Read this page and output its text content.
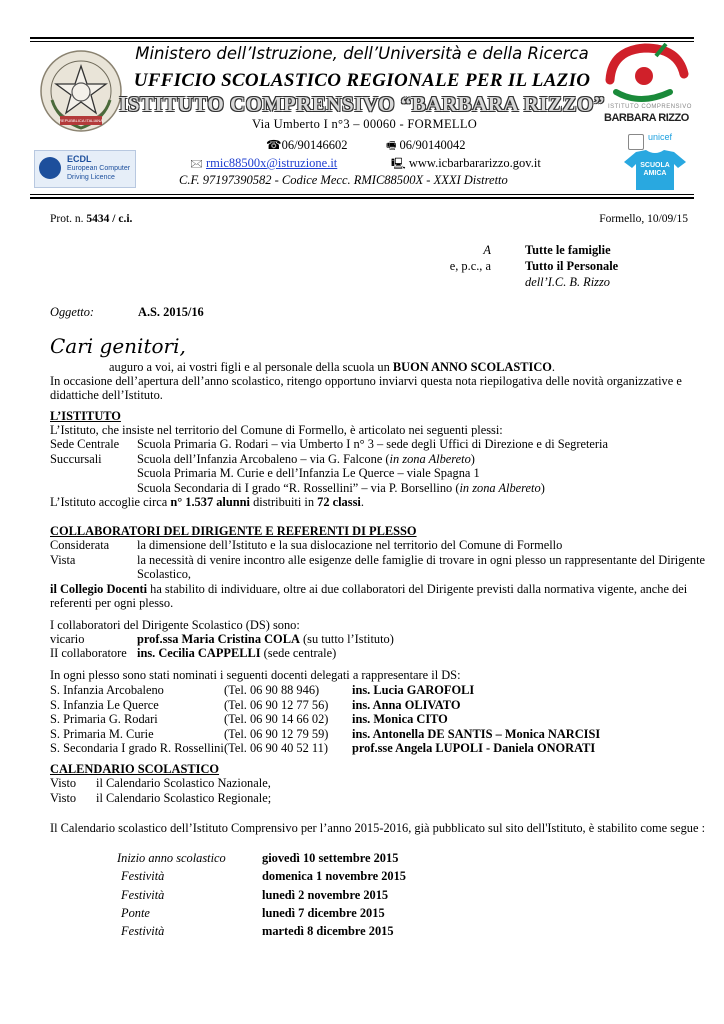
REPUBBLICA ITALIANA
Ministero dell’Istruzione, dell’Università e della Ricerca
UFFICIO SCOLASTICO REGIONALE PER IL LAZIO
ISTITUTO COMPRENSIVO “BARBARA RIZZO”
Via Umberto I n°3 – 00060 - FORMELLO
☎06/90146602	🖷 06/90140042
🖂 rmic88500x@istruzione.it	🖳 www.icbarbararizzo.gov.it
C.F. 97197390582 - Codice Mecc. RMIC88500X - XXXI Distretto
ECDL
European Computer
Driving Licence
ISTITUTO COMPRENSIVO
BARBARA RIZZO
unicef
SCUOLA AMICA
Prot. n. 5434 / c.i.	Formello, 10/09/15
A	Tutte le famiglie
e, p.c., a	Tutto il Personale
dell’I.C. B. Rizzo
Oggetto:	A.S. 2015/16
Cari genitori,
auguro a voi, ai vostri figli e al personale della scuola un BUON ANNO SCOLASTICO.
In occasione dell’apertura dell’anno scolastico, ritengo opportuno inviarvi questa nota riepilogativa delle novità organizzative e
didattiche dell’Istituto.
L’ISTITUTO
L’Istituto, che insiste nel territorio del Comune di Formello, è articolato nei seguenti plessi:
Sede Centrale Scuola Primaria G. Rodari – via Umberto I n° 3 – sede degli Uffici di Direzione e di Segreteria
Succursali	Scuola dell’Infanzia Arcobaleno – via G. Falcone (in zona Albereto)
Scuola Primaria M. Curie e dell’Infanzia Le Querce – viale Spagna 1
Scuola Secondaria di I grado “R. Rossellini” – via P. Borsellino (in zona Albereto)
L’Istituto accoglie circa n° 1.537 alunni distribuiti in 72 classi.
COLLABORATORI DEL DIRIGENTE E REFERENTI DI PLESSO
Considerata la dimensione dell’Istituto e la sua dislocazione nel territorio del Comune di Formello
Vista	la necessità di venire incontro alle esigenze delle famiglie di trovare in ogni plesso un rappresentante del Dirigente
Scolastico,
il Collegio Docenti ha stabilito di individuare, oltre ai due collaboratori del Dirigente previsti dalla normativa vigente, anche dei
referenti per ogni plesso.
I collaboratori del Dirigente Scolastico (DS) sono:
vicario	prof.ssa Maria Cristina COLA (su tutto l’Istituto)
II collaboratore ins. Cecilia CAPPELLI (sede centrale)
In ogni plesso sono stati nominati i seguenti docenti delegati a rappresentare il DS:
S. Infanzia Arcobaleno	(Tel. 06 90 88 946)	ins. Lucia GAROFOLI
S. Infanzia Le Querce	(Tel. 06 90 12 77 56) ins. Anna OLIVATO
S. Primaria G. Rodari	(Tel. 06 90 14 66 02) ins. Monica CITO
S. Primaria M. Curie	(Tel. 06 90 12 79 59) ins. Antonella DE SANTIS – Monica NARCISI
S. Secondaria I grado R. Rossellini (Tel. 06 90 40 52 11) prof.sse Angela LUPOLI - Daniela ONORATI
CALENDARIO SCOLASTICO
Visto il Calendario Scolastico Nazionale,
Visto il Calendario Scolastico Regionale;
Il Calendario scolastico dell’Istituto Comprensivo per l’anno 2015-2016, già pubblicato sul sito dell'Istituto, è stabilito come segue :
Inizio anno scolastico	giovedì 10 settembre 2015
Festività	domenica 1 novembre 2015
Festività	lunedì 2 novembre 2015
Ponte	lunedì 7 dicembre 2015
Festività	martedì 8 dicembre 2015
